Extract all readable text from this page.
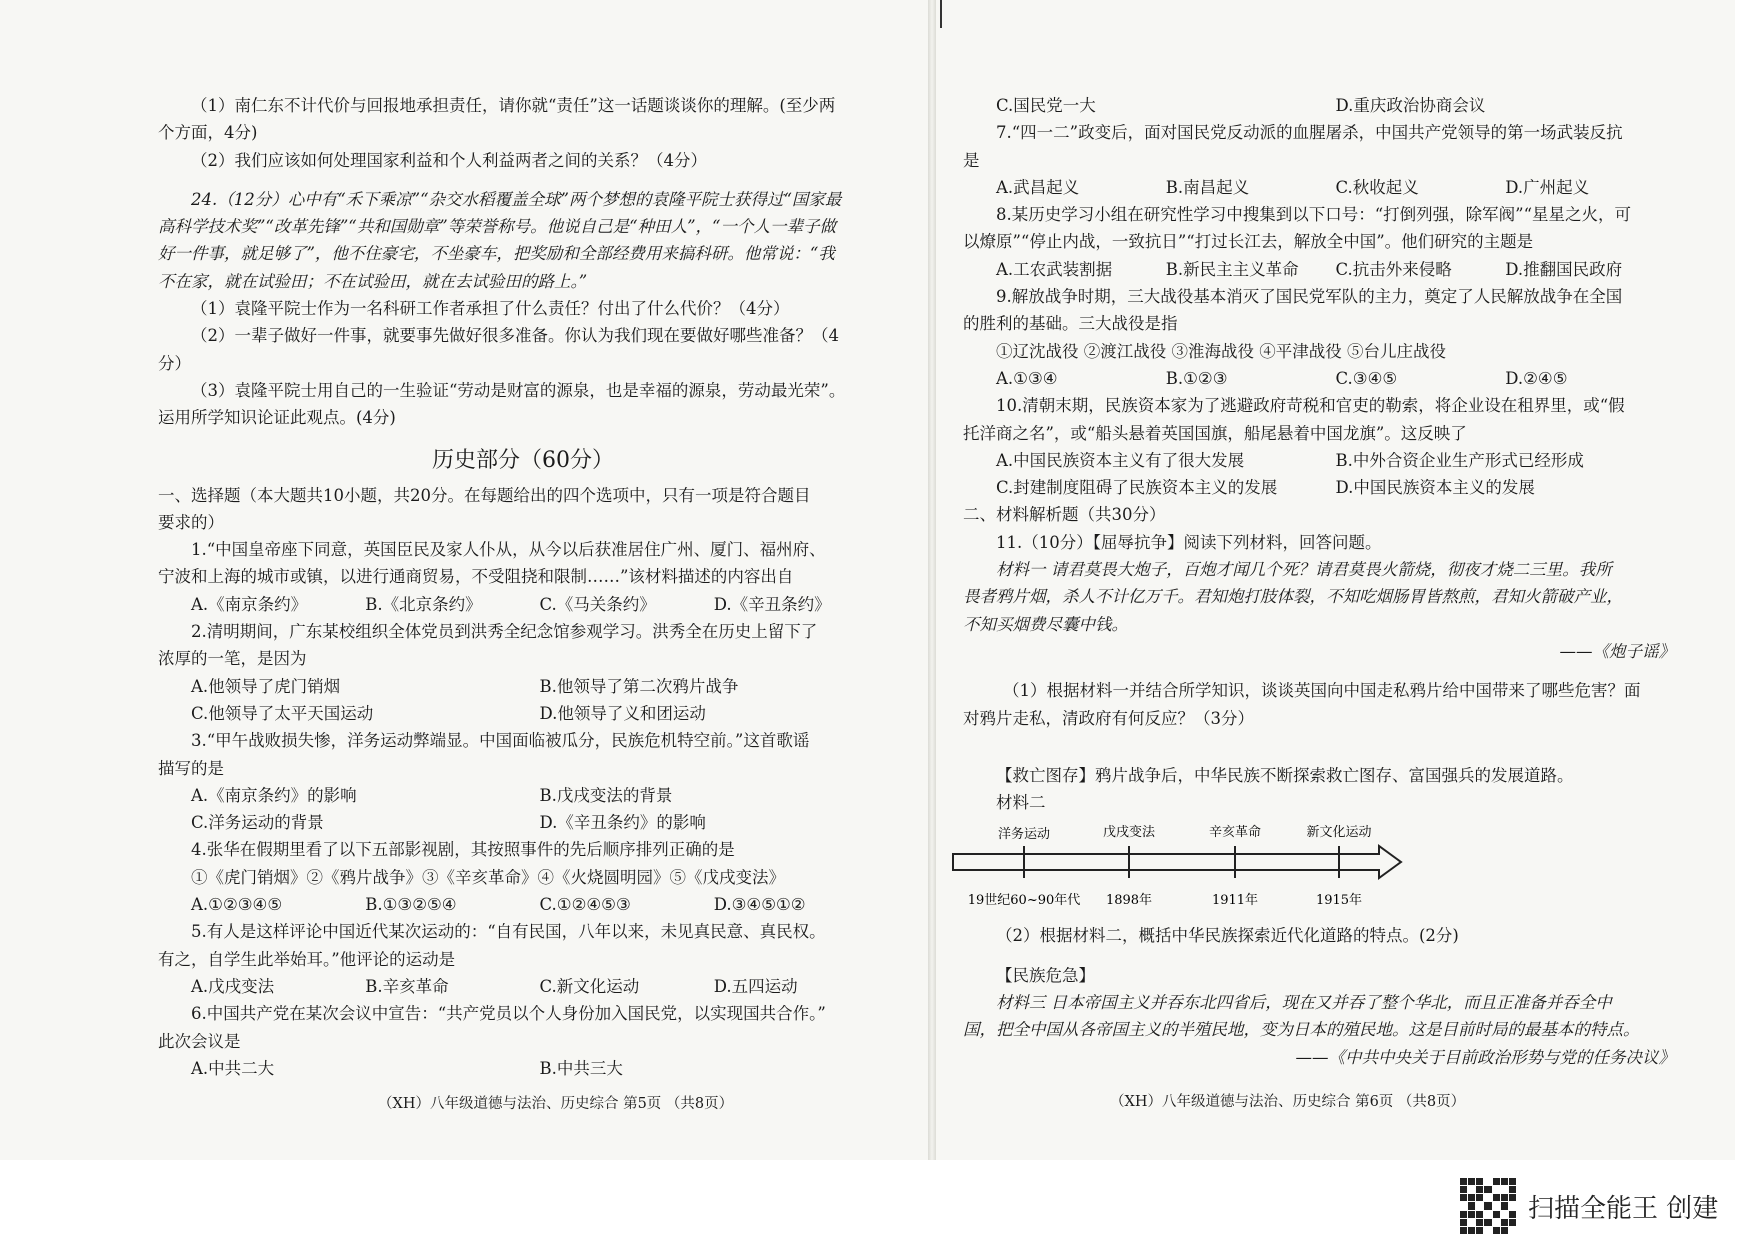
（1）南仁东不计代价与回报地承担责任，请你就“责任”这一话题谈谈你的理解。(至少两
个方面，4分)
（2）我们应该如何处理国家利益和个人利益两者之间的关系？（4分）
24.（12分）心中有“禾下乘凉”“杂交水稻覆盖全球”两个梦想的袁隆平院士获得过“国家最
高科学技术奖”“改革先锋”“共和国勋章”等荣誉称号。他说自己是“种田人”，“一个人一辈子做
好一件事，就足够了”，他不住豪宅，不坐豪车，把奖励和全部经费用来搞科研。他常说：“我
不在家，就在试验田；不在试验田，就在去试验田的路上。”
（1）袁隆平院士作为一名科研工作者承担了什么责任？付出了什么代价？（4分）
（2）一辈子做好一件事，就要事先做好很多准备。你认为我们现在要做好哪些准备？（4
分）
（3）袁隆平院士用自己的一生验证“劳动是财富的源泉，也是幸福的源泉，劳动最光荣”。
运用所学知识论证此观点。(4分)
历史部分（60分）
一、选择题（本大题共10小题，共20分。在每题给出的四个选项中，只有一项是符合题目
要求的）
1.“中国皇帝座下同意，英国臣民及家人仆从，从今以后获准居住广州、厦门、福州府、
宁波和上海的城市或镇，以进行通商贸易，不受阻挠和限制……”该材料描述的内容出自
A.《南京条约》	B.《北京条约》	C.《马关条约》	D.《辛丑条约》
2.清明期间，广东某校组织全体党员到洪秀全纪念馆参观学习。洪秀全在历史上留下了
浓厚的一笔，是因为
A.他领导了虎门销烟	B.他领导了第二次鸦片战争
C.他领导了太平天国运动	D.他领导了义和团运动
3.“甲午战败损失惨，洋务运动弊端显。中国面临被瓜分，民族危机特空前。”这首歌谣
描写的是
A.《南京条约》的影响	B.戊戌变法的背景
C.洋务运动的背景	D.《辛丑条约》的影响
4.张华在假期里看了以下五部影视剧，其按照事件的先后顺序排列正确的是
①《虎门销烟》②《鸦片战争》③《辛亥革命》④《火烧圆明园》⑤《戊戌变法》
A.①②③④⑤	B.①③②⑤④	C.①②④⑤③	D.③④⑤①②
5.有人是这样评论中国近代某次运动的：“自有民国，八年以来，未见真民意、真民权。
有之，自学生此举始耳。”他评论的运动是
A.戊戌变法	B.辛亥革命	C.新文化运动	D.五四运动
6.中国共产党在某次会议中宣告：“共产党员以个人身份加入国民党，以实现国共合作。”
此次会议是
A.中共二大	B.中共三大
（XH）八年级道德与法治、历史综合 第5页 （共8页）
C.国民党一大	D.重庆政治协商会议
7.“四一二”政变后，面对国民党反动派的血腥屠杀，中国共产党领导的第一场武装反抗
是
A.武昌起义	B.南昌起义	C.秋收起义	D.广州起义
8.某历史学习小组在研究性学习中搜集到以下口号：“打倒列强，除军阀”“星星之火，可
以燎原”“停止内战，一致抗日”“打过长江去，解放全中国”。他们研究的主题是
A.工农武装割据	B.新民主主义革命	C.抗击外来侵略	D.推翻国民政府
9.解放战争时期，三大战役基本消灭了国民党军队的主力，奠定了人民解放战争在全国
的胜利的基础。三大战役是指
①辽沈战役 ②渡江战役 ③淮海战役 ④平津战役 ⑤台儿庄战役
A.①③④	B.①②③	C.③④⑤	D.②④⑤
10.清朝末期，民族资本家为了逃避政府苛税和官吏的勒索，将企业设在租界里，或“假
托洋商之名”，或“船头悬着英国国旗，船尾悬着中国龙旗”。这反映了
A.中国民族资本主义有了很大发展	B.中外合资企业生产形式已经形成
C.封建制度阻碍了民族资本主义的发展	D.中国民族资本主义的发展
二、材料解析题（共30分）
11.（10分）【屈辱抗争】阅读下列材料，回答问题。
材料一 请君莫畏大炮子，百炮才闻几个死？请君莫畏火箭烧，彻夜才烧二三里。我所
畏者鸦片烟，杀人不计亿万千。君知炮打肢体裂，不知吃烟肠胃皆熬煎，君知火箭破产业，
不知买烟费尽囊中钱。
——《炮子谣》
（1）根据材料一并结合所学知识，谈谈英国向中国走私鸦片给中国带来了哪些危害？面
对鸦片走私，清政府有何反应？（3分）
【救亡图存】鸦片战争后，中华民族不断探索救亡图存、富国强兵的发展道路。
材料二
洋务运动	戊戌变法	辛亥革命	新文化运动
19世纪60~90年代 1898年	1911年	1915年
（2）根据材料二，概括中华民族探索近代化道路的特点。(2分)
【民族危急】
材料三 日本帝国主义并吞东北四省后，现在又并吞了整个华北，而且正准备并吞全中
国，把全中国从各帝国主义的半殖民地，变为日本的殖民地。这是目前时局的最基本的特点。
——《中共中央关于目前政治形势与党的任务决议》
（XH）八年级道德与法治、历史综合 第6页 （共8页）
扫描全能王 创建
